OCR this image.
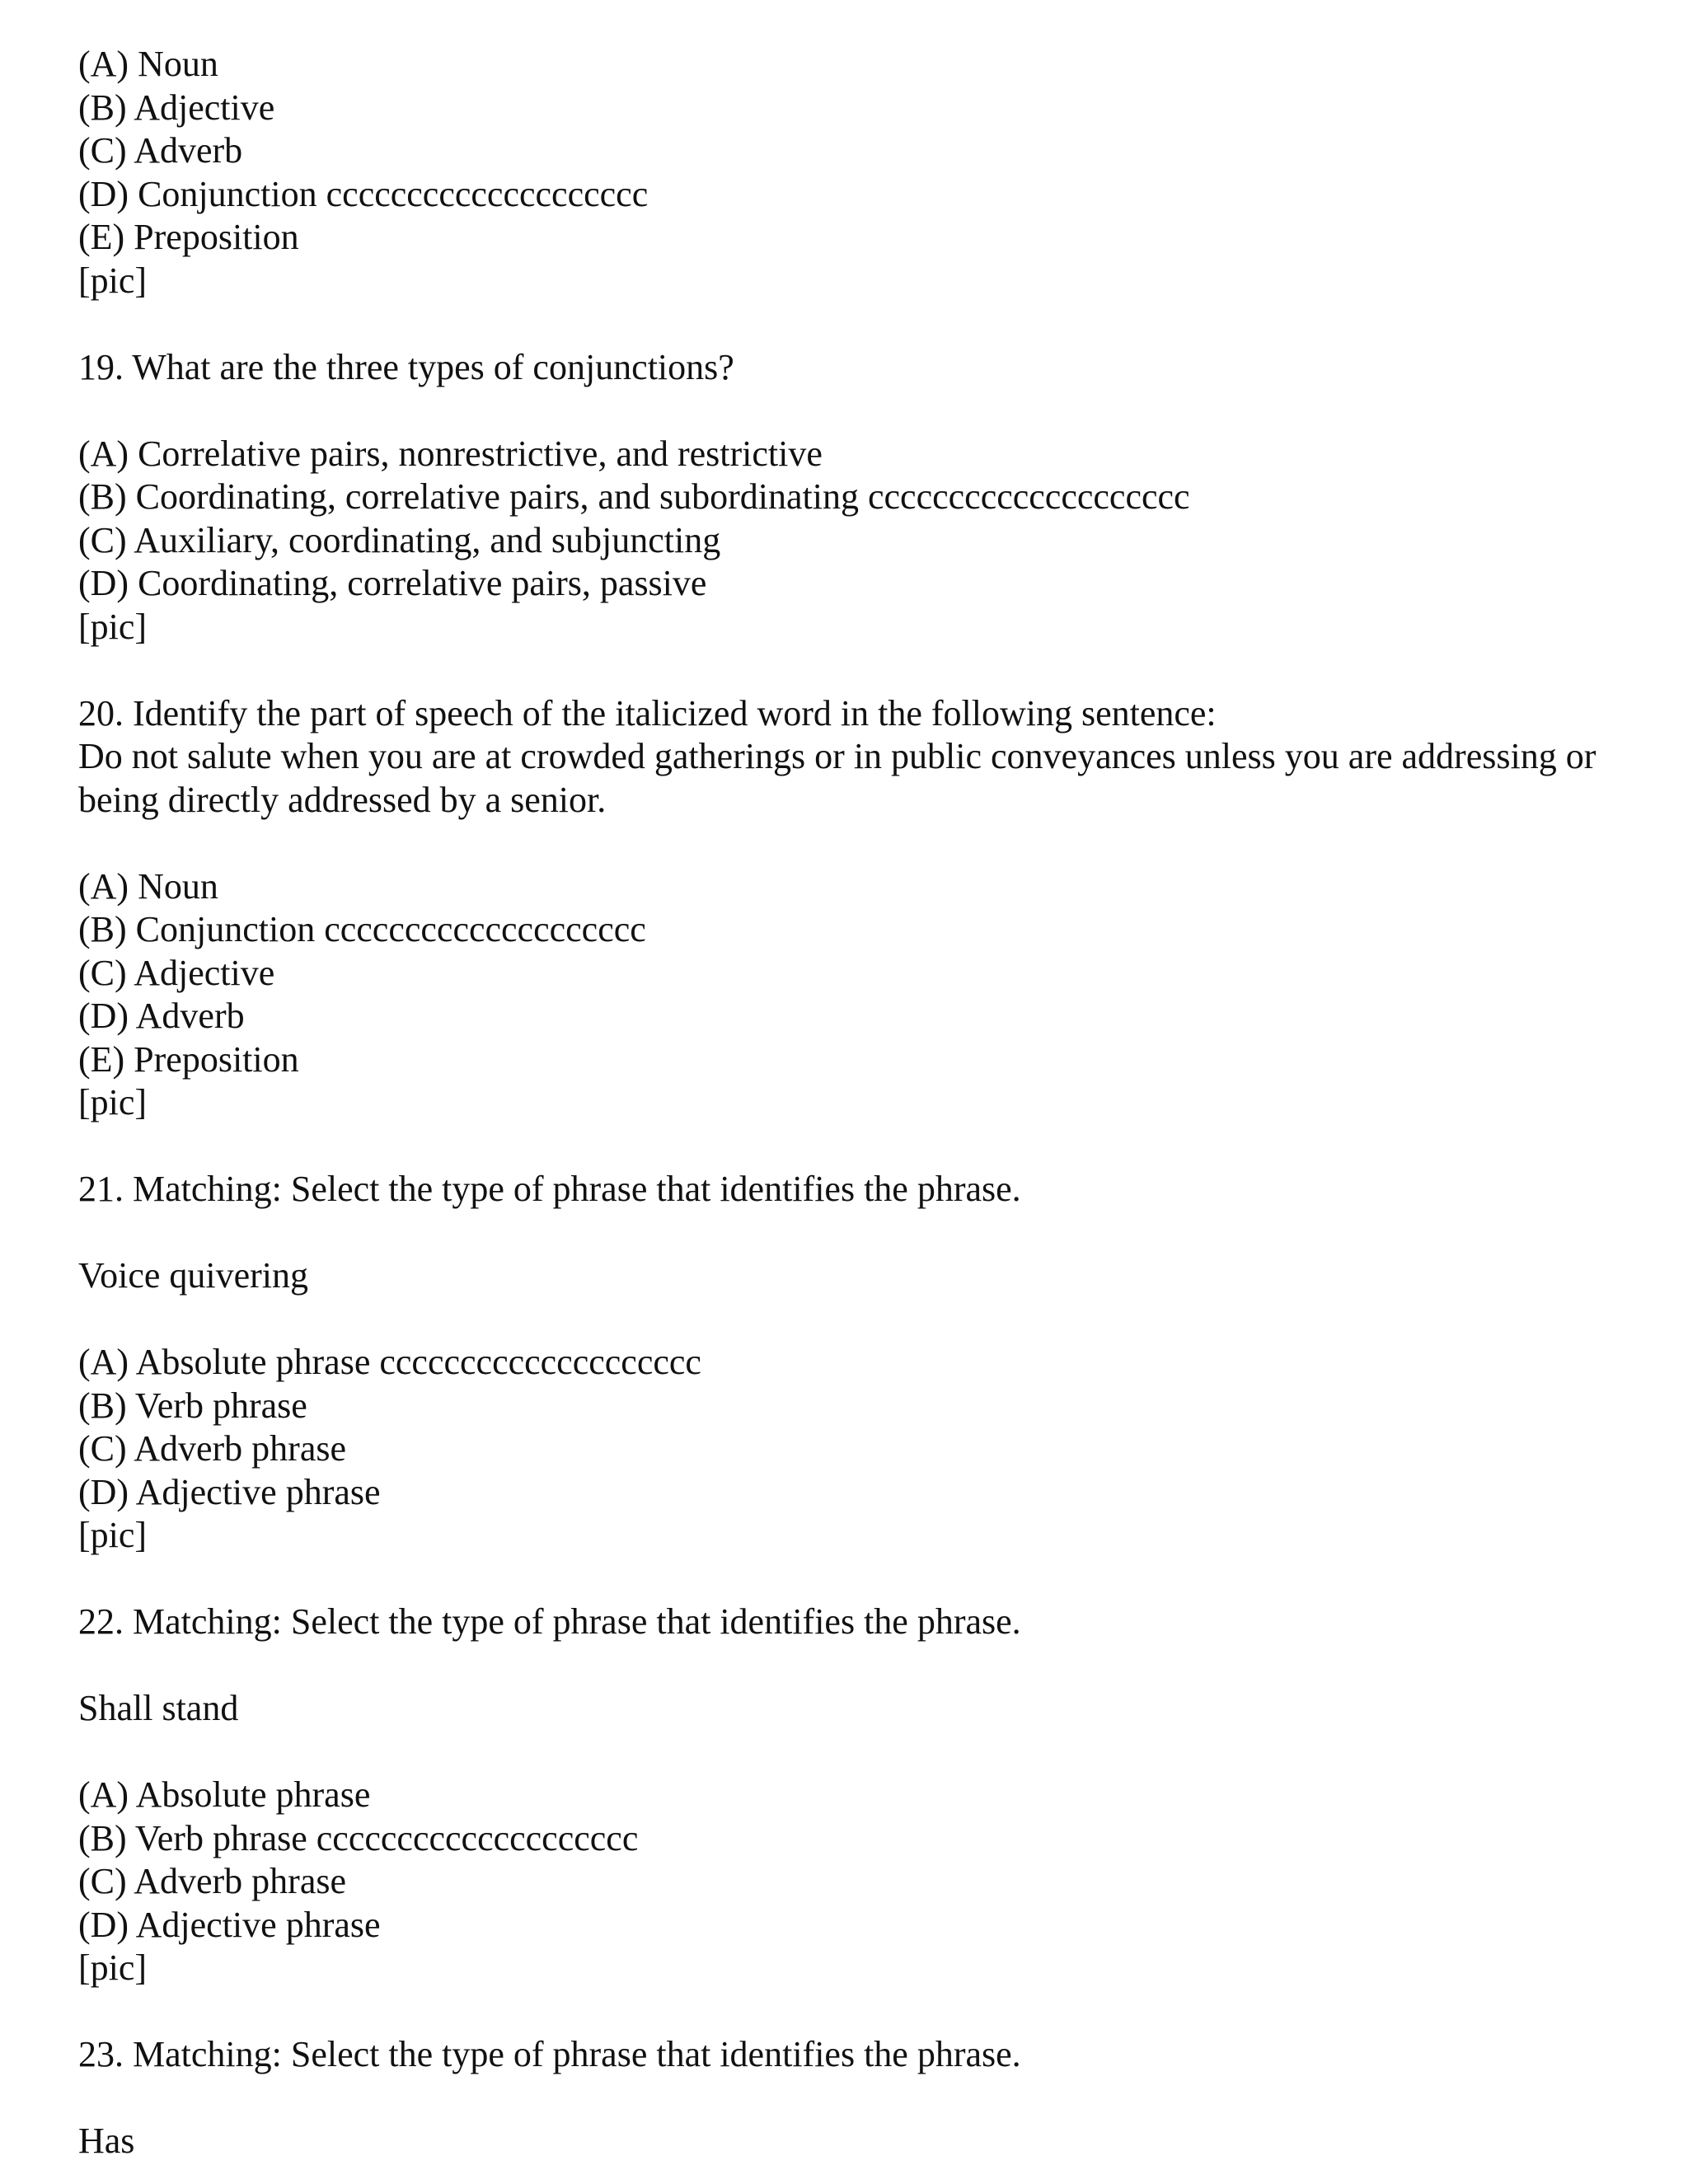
(A) Noun
(B) Adjective
(C) Adverb
(D) Conjunction cccccccccccccccccccc
(E) Preposition
[pic]
19. What are the three types of conjunctions?
(A) Correlative pairs, nonrestrictive, and restrictive
(B) Coordinating, correlative pairs, and subordinating cccccccccccccccccccc
(C) Auxiliary, coordinating, and subjuncting
(D) Coordinating, correlative pairs, passive
[pic]
20. Identify the part of speech of the italicized word in the following sentence:
Do not salute when you are at crowded gatherings or in public conveyances unless you are addressing or being directly addressed by a senior.
(A) Noun
(B) Conjunction cccccccccccccccccccc
(C) Adjective
(D) Adverb
(E) Preposition
[pic]
21. Matching: Select the type of phrase that identifies the phrase.
Voice quivering
(A) Absolute phrase cccccccccccccccccccc
(B) Verb phrase
(C) Adverb phrase
(D) Adjective phrase
[pic]
22. Matching: Select the type of phrase that identifies the phrase.
Shall stand
(A) Absolute phrase
(B) Verb phrase cccccccccccccccccccc
(C) Adverb phrase
(D) Adjective phrase
[pic]
23. Matching: Select the type of phrase that identifies the phrase.
Has
